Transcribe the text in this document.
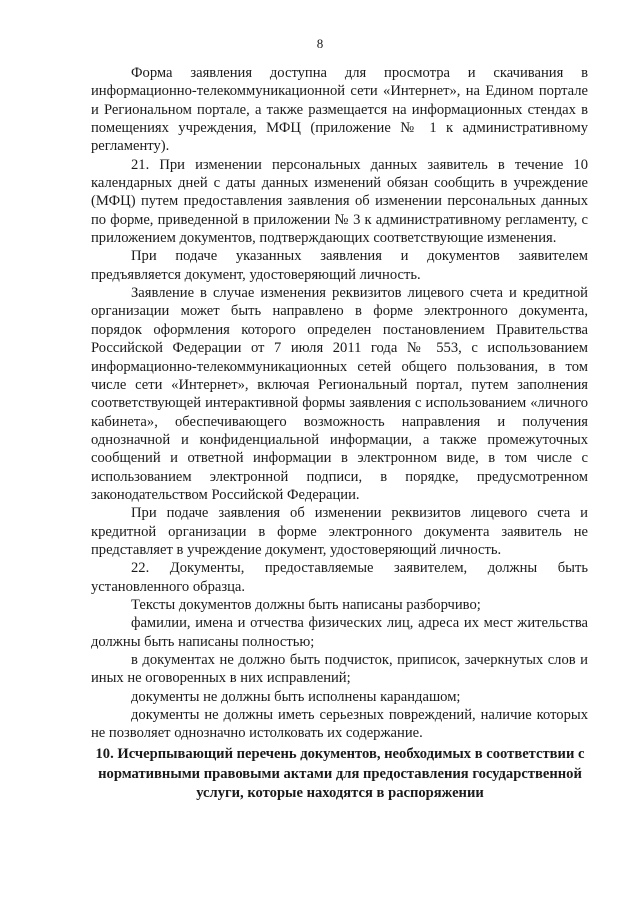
8

Форма заявления доступна для просмотра и скачивания в информационно-телекоммуникационной сети «Интернет», на Едином портале и Региональном портале, а также размещается на информационных стендах в помещениях учреждения, МФЦ (приложение № 1 к административному регламенту).

21. При изменении персональных данных заявитель в течение 10 календарных дней с даты данных изменений обязан сообщить в учреждение (МФЦ) путем предоставления заявления об изменении персональных данных по форме, приведенной в приложении № 3 к административному регламенту, с приложением документов, подтверждающих соответствующие изменения.

При подаче указанных заявления и документов заявителем предъявляется документ, удостоверяющий личность.

Заявление в случае изменения реквизитов лицевого счета и кредитной организации может быть направлено в форме электронного документа, порядок оформления которого определен постановлением Правительства Российской Федерации от 7 июля 2011 года № 553, с использованием информационно-телекоммуникационных сетей общего пользования, в том числе сети «Интернет», включая Региональный портал, путем заполнения соответствующей интерактивной формы заявления с использованием «личного кабинета», обеспечивающего возможность направления и получения однозначной и конфиденциальной информации, а также промежуточных сообщений и ответной информации в электронном виде, в том числе с использованием электронной подписи, в порядке, предусмотренном законодательством Российской Федерации.

При подаче заявления об изменении реквизитов лицевого счета и кредитной организации в форме электронного документа заявитель не представляет в учреждение документ, удостоверяющий личность.

22. Документы, предоставляемые заявителем, должны быть установленного образца.

Тексты документов должны быть написаны разборчиво;

фамилии, имена и отчества физических лиц, адреса их мест жительства должны быть написаны полностью;

в документах не должно быть подчисток, приписок, зачеркнутых слов и иных не оговоренных в них исправлений;

документы не должны быть исполнены карандашом;

документы не должны иметь серьезных повреждений, наличие которых не позволяет однозначно истолковать их содержание.

10. Исчерпывающий перечень документов, необходимых в соответствии с нормативными правовыми актами для предоставления государственной услуги, которые находятся в распоряжении
